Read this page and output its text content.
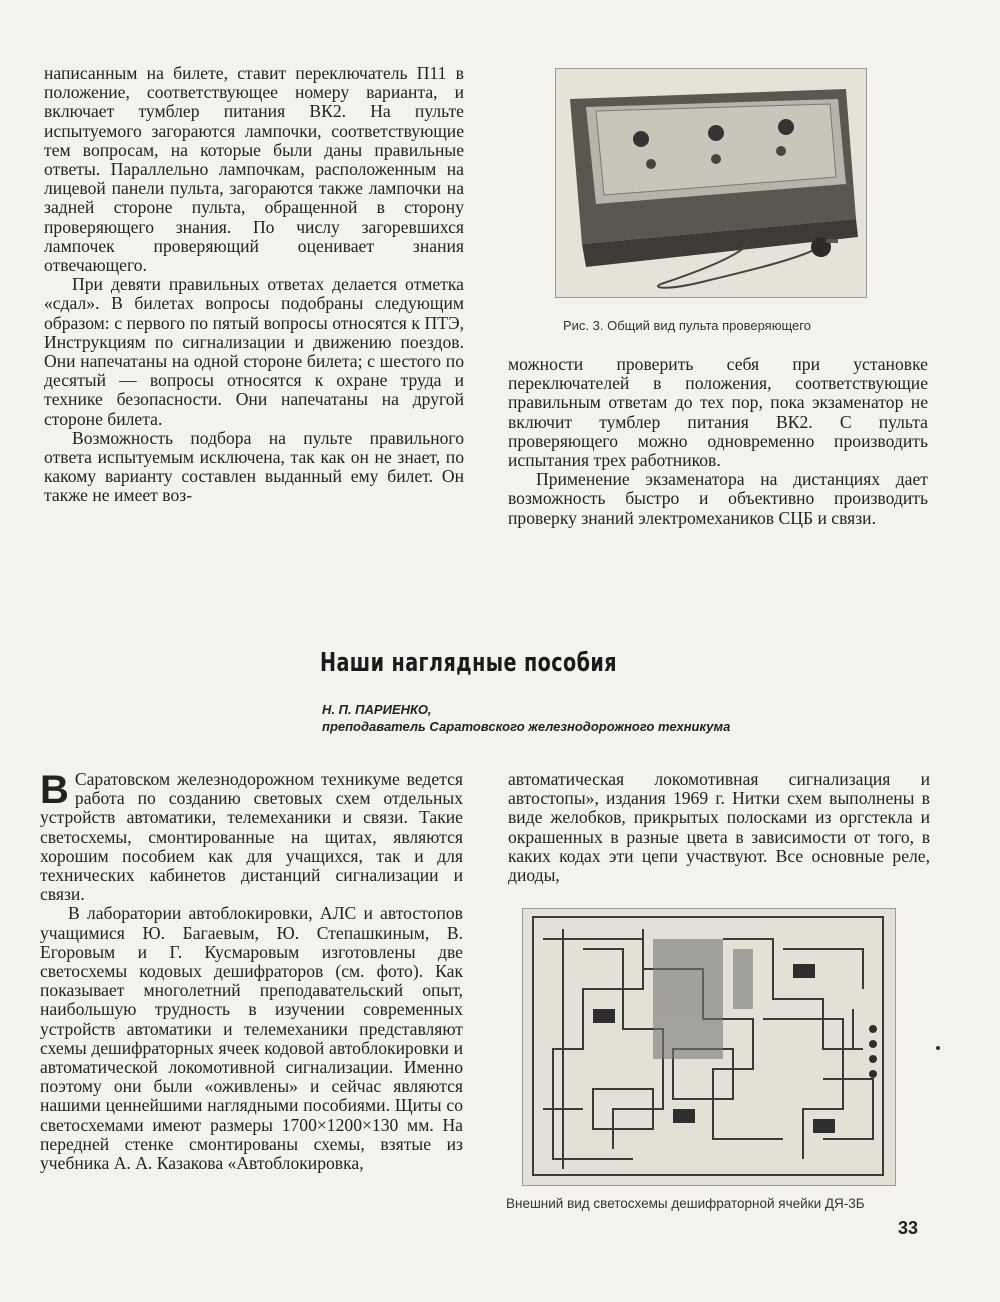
написанным на билете, ставит переключатель П11 в положение, соответствующее номеру варианта, и включает тумблер питания ВК2. На пульте испытуемого загораются лампочки, соответствующие тем вопросам, на которые были даны правильные ответы. Параллельно лампочкам, расположенным на лицевой панели пульта, загораются также лампочки на задней стороне пульта, обращенной в сторону проверяющего знания. По числу загоревшихся лампочек проверяющий оценивает знания отвечающего.

При девяти правильных ответах делается отметка «сдал». В билетах вопросы подобраны следующим образом: с первого по пятый вопросы относятся к ПТЭ, Инструкциям по сигнализации и движению поездов. Они напечатаны на одной стороне билета; с шестого по десятый — вопросы относятся к охране труда и технике безопасности. Они напечатаны на другой стороне билета.

Возможность подбора на пульте правильного ответа испытуемым исключена, так как он не знает, по какому варианту составлен выданный ему билет. Он также не имеет воз-

Рис. 3. Общий вид пульта проверяющего

можности проверить себя при установке переключателей в положения, соответствующие правильным ответам до тех пор, пока экзаменатор не включит тумблер питания ВК2. С пульта проверяющего можно одновременно производить испытания трех работников.

Применение экзаменатора на дистанциях дает возможность быстро и объективно производить проверку знаний электромехаников СЦБ и связи.

Наши наглядные пособия
Н. П. ПАРИЕНКО,
преподаватель Саратовского железнодорожного техникума

В Саратовском железнодорожном техникуме ведется работа по созданию световых схем отдельных устройств автоматики, телемеханики и связи. Такие светосхемы, смонтированные на щитах, являются хорошим пособием как для учащихся, так и для технических кабинетов дистанций сигнализации и связи.

В лаборатории автоблокировки, АЛС и автостопов учащимися Ю. Багаевым, Ю. Степашкиным, В. Егоровым и Г. Кусмаровым изготовлены две светосхемы кодовых дешифраторов (см. фото). Как показывает многолетний преподавательский опыт, наибольшую трудность в изучении современных устройств автоматики и телемеханики представляют схемы дешифраторных ячеек кодовой автоблокировки и автоматической локомотивной сигнализации. Именно поэтому они были «оживлены» и сейчас являются нашими ценнейшими наглядными пособиями. Щиты со светосхемами имеют размеры 1700×1200×130 мм. На передней стенке смонтированы схемы, взятые из учебника А. А. Казакова «Автоблокировка,

автоматическая локомотивная сигнализация и автостопы», издания 1969 г. Нитки схем выполнены в виде желобков, прикрытых полосками из оргстекла и окрашенных в разные цвета в зависимости от того, в каких кодах эти цепи участвуют. Все основные реле, диоды,

Внешний вид светосхемы дешифраторной ячейки ДЯ-3Б
33
